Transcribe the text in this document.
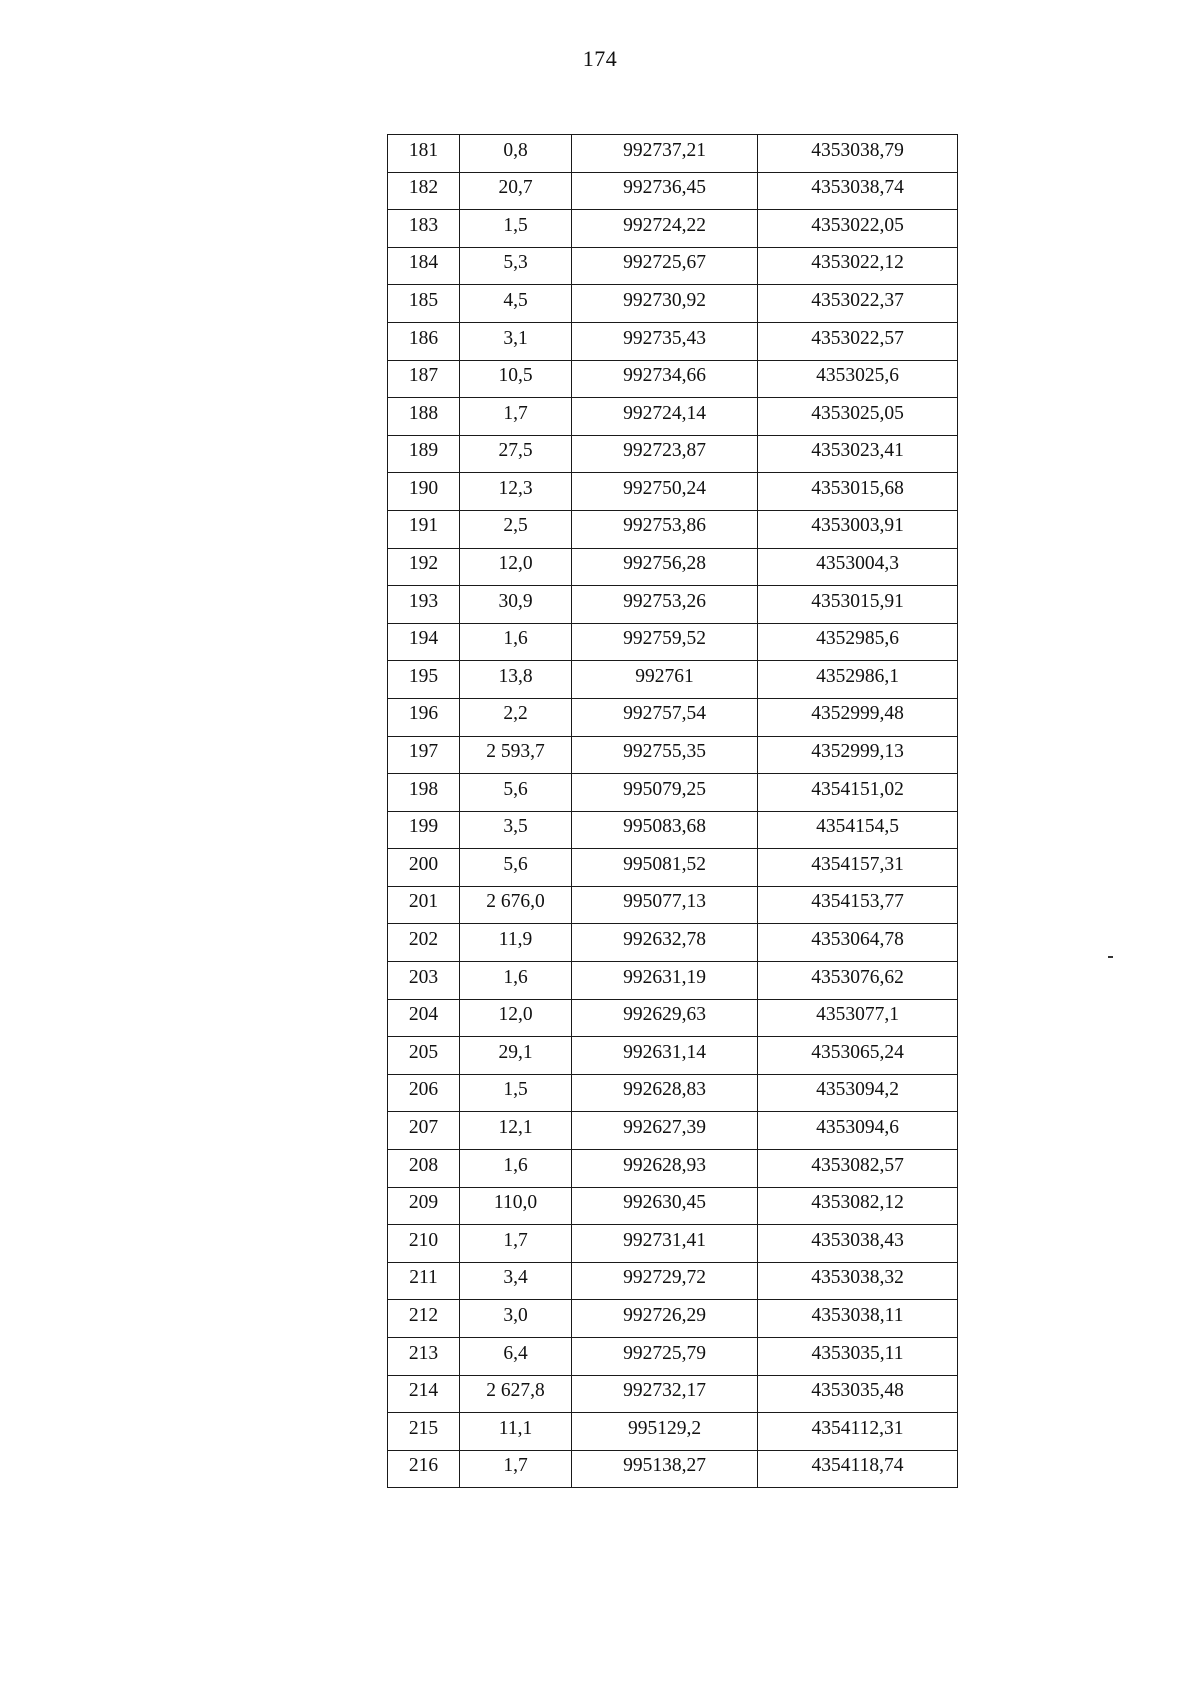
174
181	0,8	992737,21	4353038,79
182	20,7	992736,45	4353038,74
183	1,5	992724,22	4353022,05
184	5,3	992725,67	4353022,12
185	4,5	992730,92	4353022,37
186	3,1	992735,43	4353022,57
187	10,5	992734,66	4353025,6
188	1,7	992724,14	4353025,05
189	27,5	992723,87	4353023,41
190	12,3	992750,24	4353015,68
191	2,5	992753,86	4353003,91
192	12,0	992756,28	4353004,3
193	30,9	992753,26	4353015,91
194	1,6	992759,52	4352985,6
195	13,8	992761	4352986,1
196	2,2	992757,54	4352999,48
197	2 593,7	992755,35	4352999,13
198	5,6	995079,25	4354151,02
199	3,5	995083,68	4354154,5
200	5,6	995081,52	4354157,31
201	2 676,0	995077,13	4354153,77
202	11,9	992632,78	4353064,78
203	1,6	992631,19	4353076,62
204	12,0	992629,63	4353077,1
205	29,1	992631,14	4353065,24
206	1,5	992628,83	4353094,2
207	12,1	992627,39	4353094,6
208	1,6	992628,93	4353082,57
209	110,0	992630,45	4353082,12
210	1,7	992731,41	4353038,43
211	3,4	992729,72	4353038,32
212	3,0	992726,29	4353038,11
213	6,4	992725,79	4353035,11
214	2 627,8	992732,17	4353035,48
215	11,1	995129,2	4354112,31
216	1,7	995138,27	4354118,74
